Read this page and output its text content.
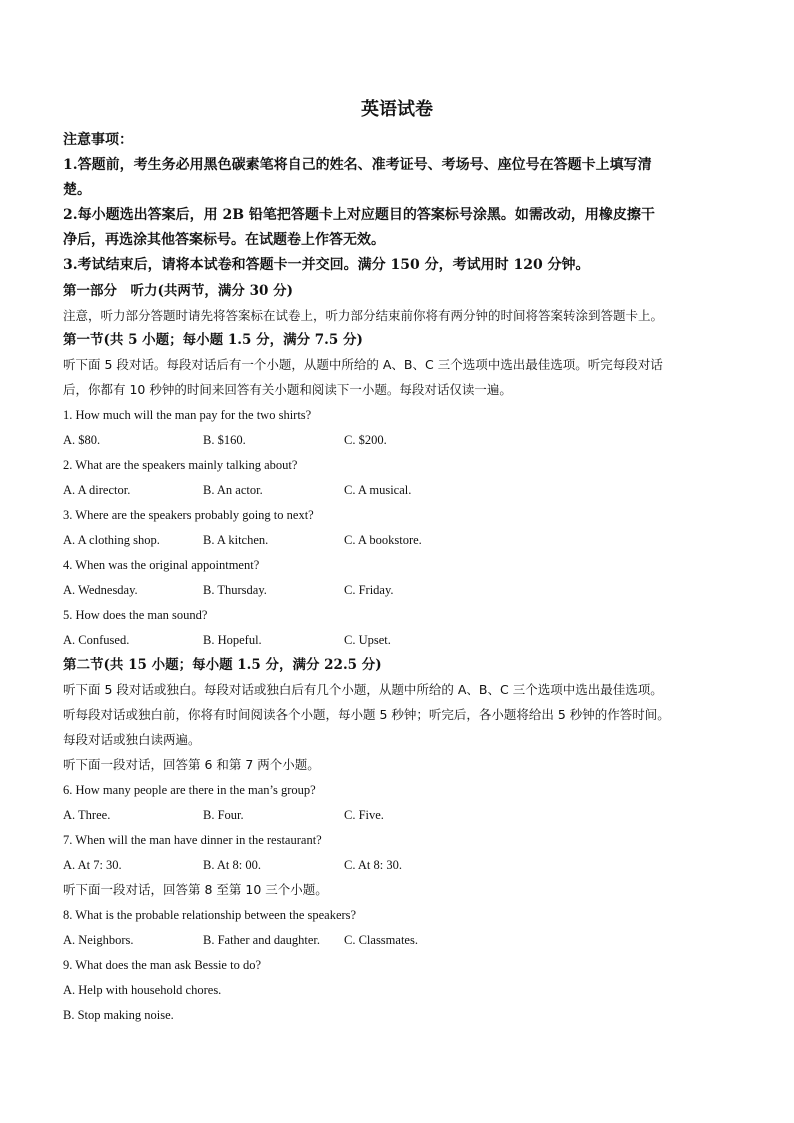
英语试卷
注意事项：
1.答题前，考生务必用黑色碳素笔将自己的姓名、准考证号、考场号、座位号在答题卡上填写清
楚。
2.每小题选出答案后，用 2B 铅笔把答题卡上对应题目的答案标号涂黑。如需改动，用橡皮擦干
净后，再选涂其他答案标号。在试题卷上作答无效。
3.考试结束后，请将本试卷和答题卡一并交回。满分 150 分，考试用时 120 分钟。
第一部分　听力(共两节，满分 30 分)
注意，听力部分答题时请先将答案标在试卷上，听力部分结束前你将有两分钟的时间将答案转涂到答题卡上。
第一节(共 5 小题；每小题 1.5 分，满分 7.5 分)
听下面 5 段对话。每段对话后有一个小题，从题中所给的 A、B、C 三个选项中选出最佳选项。听完每段对话
后，你都有 10 秒钟的时间来回答有关小题和阅读下一小题。每段对话仅读一遍。
1. How much will the man pay for the two shirts?
A. $80.	B. $160.	C. $200.
2. What are the speakers mainly talking about?
A. A director.	B. An actor.	C. A musical.
3. Where are the speakers probably going to next?
A. A clothing shop.	B. A kitchen.	C. A bookstore.
4. When was the original appointment?
A. Wednesday.	B. Thursday.	C. Friday.
5. How does the man sound?
A. Confused.	B. Hopeful.	C. Upset.
第二节(共 15 小题；每小题 1.5 分，满分 22.5 分)
听下面 5 段对话或独白。每段对话或独白后有几个小题，从题中所给的 A、B、C 三个选项中选出最佳选项。
听每段对话或独白前，你将有时间阅读各个小题，每小题 5 秒钟；听完后，各小题将给出 5 秒钟的作答时间。
每段对话或独白读两遍。
听下面一段对话，回答第 6 和第 7 两个小题。
6. How many people are there in the man’s group?
A. Three.	B. Four.	C. Five.
7. When will the man have dinner in the restaurant?
A. At 7: 30.	B. At 8: 00.	C. At 8: 30.
听下面一段对话，回答第 8 至第 10 三个小题。
8. What is the probable relationship between the speakers?
A. Neighbors.	B. Father and daughter. C. Classmates.
9. What does the man ask Bessie to do?
A. Help with household chores.
B. Stop making noise.
